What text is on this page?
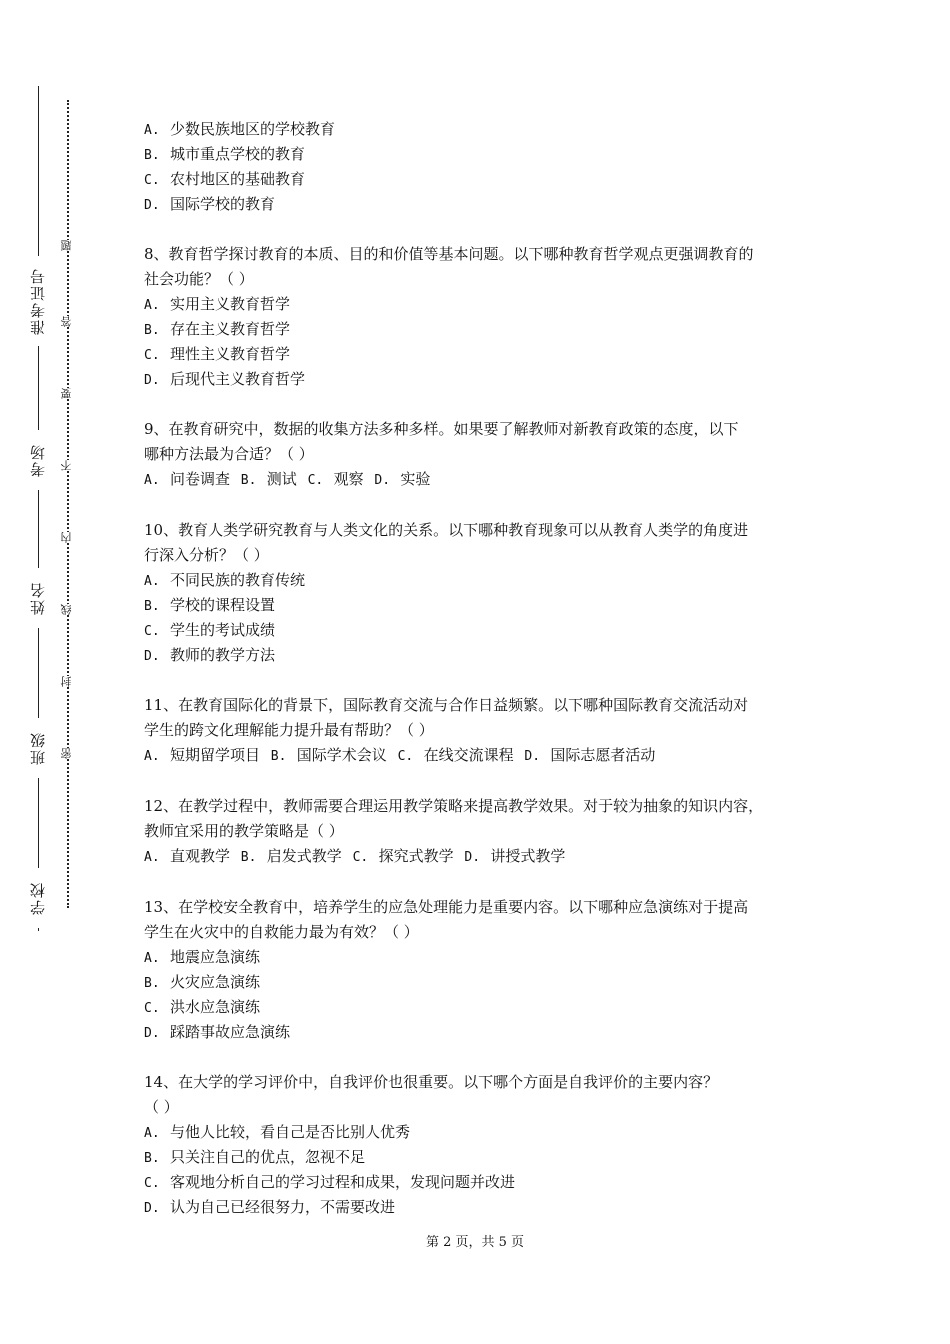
准考证号
考场
姓名
班级
学校
题
答
要
不
内
线
封
密
A. 少数民族地区的学校教育
B. 城市重点学校的教育
C. 农村地区的基础教育
D. 国际学校的教育
8、教育哲学探讨教育的本质、目的和价值等基本问题。以下哪种教育哲学观点更强调教育的
社会功能？（ ）
A. 实用主义教育哲学
B. 存在主义教育哲学
C. 理性主义教育哲学
D. 后现代主义教育哲学
9、在教育研究中，数据的收集方法多种多样。如果要了解教师对新教育政策的态度，以下
哪种方法最为合适？（ ）
A. 问卷调查 B. 测试 C. 观察 D. 实验
10、教育人类学研究教育与人类文化的关系。以下哪种教育现象可以从教育人类学的角度进
行深入分析？（ ）
A. 不同民族的教育传统
B. 学校的课程设置
C. 学生的考试成绩
D. 教师的教学方法
11、在教育国际化的背景下，国际教育交流与合作日益频繁。以下哪种国际教育交流活动对
学生的跨文化理解能力提升最有帮助？（ ）
A. 短期留学项目 B. 国际学术会议 C. 在线交流课程 D. 国际志愿者活动
12、在教学过程中，教师需要合理运用教学策略来提高教学效果。对于较为抽象的知识内容，
教师宜采用的教学策略是（ ）
A. 直观教学 B. 启发式教学 C. 探究式教学 D. 讲授式教学
13、在学校安全教育中，培养学生的应急处理能力是重要内容。以下哪种应急演练对于提高
学生在火灾中的自救能力最为有效？（ ）
A. 地震应急演练
B. 火灾应急演练
C. 洪水应急演练
D. 踩踏事故应急演练
14、在大学的学习评价中，自我评价也很重要。以下哪个方面是自我评价的主要内容？
（ ）
A. 与他人比较，看自己是否比别人优秀
B. 只关注自己的优点，忽视不足
C. 客观地分析自己的学习过程和成果，发现问题并改进
D. 认为自己已经很努力，不需要改进
第 2 页，共 5 页
